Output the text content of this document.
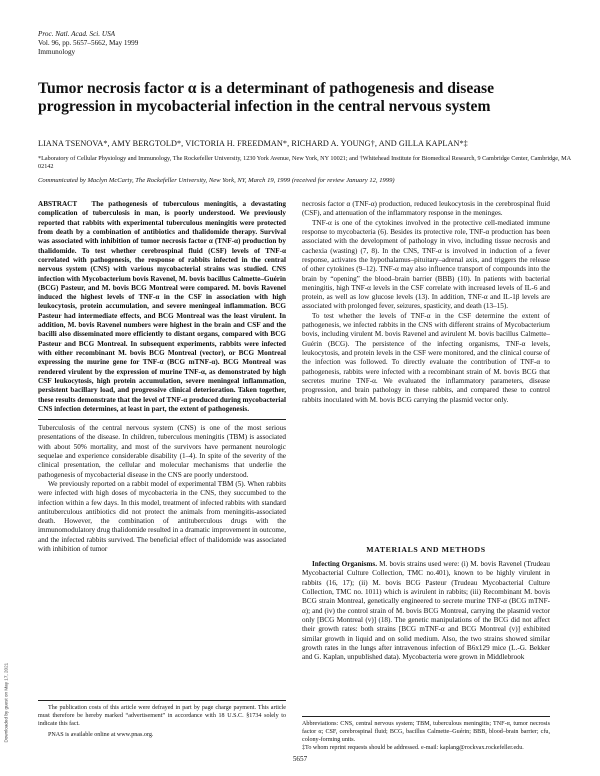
Proc. Natl. Acad. Sci. USA
Vol. 96, pp. 5657–5662, May 1999
Immunology
Tumor necrosis factor α is a determinant of pathogenesis and disease progression in mycobacterial infection in the central nervous system
LIANA TSENOVA*, AMY BERGTOLD*, VICTORIA H. FREEDMAN*, RICHARD A. YOUNG†, AND GILLA KAPLAN*‡
*Laboratory of Cellular Physiology and Immunology, The Rockefeller University, 1230 York Avenue, New York, NY 10021; and †Whitehead Institute for Biomedical Research, 9 Cambridge Center, Cambridge, MA 02142
Communicated by Maclyn McCarty, The Rockefeller University, New York, NY, March 19, 1999 (received for review January 12, 1999)

ABSTRACT The pathogenesis of tuberculous meningitis, a devastating complication of tuberculosis in man, is poorly understood. We previously reported that rabbits with experimental tuberculous meningitis were protected from death by a combination of antibiotics and thalidomide therapy. Survival was associated with inhibition of tumor necrosis factor α (TNF-α) production by thalidomide. To test whether cerebrospinal fluid (CSF) levels of TNF-α correlated with pathogenesis, the response of rabbits infected in the central nervous system (CNS) with various mycobacterial strains was studied. CNS infection with Mycobacterium bovis Ravenel, M. bovis bacillus Calmette–Guérin (BCG) Pasteur, and M. bovis BCG Montreal were compared. M. bovis Ravenel induced the highest levels of TNF-α in the CSF in association with high leukocytosis, protein accumulation, and severe meningeal inflammation. BCG Pasteur had intermediate effects, and BCG Montreal was the least virulent. In addition, M. bovis Ravenel numbers were highest in the brain and CSF and the bacilli also disseminated more efficiently to distant organs, compared with BCG Pasteur and BCG Montreal. In subsequent experiments, rabbits were infected with either recombinant M. bovis BCG Montreal (vector), or BCG Montreal expressing the murine gene for TNF-α (BCG mTNF-α). BCG Montreal was rendered virulent by the expression of murine TNF-α, as demonstrated by high CSF leukocytosis, high protein accumulation, severe meningeal inflammation, persistent bacillary load, and progressive clinical deterioration. Taken together, these results demonstrate that the level of TNF-α produced during mycobacterial CNS infection determines, at least in part, the extent of pathogenesis.

Tuberculosis of the central nervous system (CNS) is one of the most serious presentations of the disease. In children, tuberculous meningitis (TBM) is associated with about 50% mortality, and most of the survivors have permanent neurologic sequelae and experience considerable disability (1–4). In spite of the severity of the clinical presentation, the cellular and molecular mechanisms that underlie the pathogenesis of mycobacterial disease in the CNS are poorly understood.

We previously reported on a rabbit model of experimental TBM (5). When rabbits were infected with high doses of mycobacteria in the CNS, they succumbed to the infection within a few days. In this model, treatment of infected rabbits with standard antituberculous antibiotics did not protect the animals from meningitis-associated death. However, the combination of antituberculous drugs with the immunomodulatory drug thalidomide resulted in a dramatic improvement in outcome, and the infected rabbits survived. The beneficial effect of thalidomide was associated with inhibition of tumor

necrosis factor α (TNF-α) production, reduced leukocytosis in the cerebrospinal fluid (CSF), and attenuation of the inflammatory response in the meninges.

TNF-α is one of the cytokines involved in the protective cell-mediated immune response to mycobacteria (6). Besides its protective role, TNF-α production has been associated with the development of pathology in vivo, including tissue necrosis and cachexia (wasting) (7, 8). In the CNS, TNF-α is involved in induction of a fever response, activates the hypothalamus–pituitary–adrenal axis, and triggers the release of other cytokines (9–12). TNF-α may also influence transport of compounds into the brain by “opening” the blood–brain barrier (BBB) (10). In patients with bacterial meningitis, high TNF-α levels in the CSF correlate with increased levels of IL-6 and protein, as well as low glucose levels (13). In addition, TNF-α and IL-1β levels are associated with prolonged fever, seizures, spasticity, and death (13–15).

To test whether the levels of TNF-α in the CSF determine the extent of pathogenesis, we infected rabbits in the CNS with different strains of Mycobacterium bovis, including virulent M. bovis Ravenel and avirulent M. bovis bacillus Calmette–Guérin (BCG). The persistence of the infecting organisms, TNF-α levels, leukocytosis, and protein levels in the CSF were monitored, and the clinical course of the infection was followed. To directly evaluate the contribution of TNF-α to pathogenesis, rabbits were infected with a recombinant strain of M. bovis BCG that secretes murine TNF-α. We evaluated the inflammatory parameters, disease progression, and brain pathology in these rabbits, and compared these to control rabbits inoculated with M. bovis BCG carrying the plasmid vector only.

MATERIALS AND METHODS

Infecting Organisms. M. bovis strains used were: (i) M. bovis Ravenel (Trudeau Mycobacterial Culture Collection, TMC no.401), known to be highly virulent in rabbits (16, 17); (ii) M. bovis BCG Pasteur (Trudeau Mycobacterial Culture Collection, TMC no. 1011) which is avirulent in rabbits; (iii) Recombinant M. bovis BCG strain Montreal, genetically engineered to secrete murine TNF-α (BCG mTNF-α); and (iv) the control strain of M. bovis BCG Montreal, carrying the plasmid vector only [BCG Montreal (v)] (18). The genetic manipulations of the BCG did not affect their growth rates: both strains [BCG mTNF-α and BCG Montreal (v)] exhibited similar growth in liquid and on solid medium. Also, the two strains showed similar growth rates in the lungs after intravenous infection of B6x129 mice (L.-G. Bekker and G. Kaplan, unpublished data). Mycobacteria were grown in Middlebrook

The publication costs of this article were defrayed in part by page charge payment. This article must therefore be hereby marked “advertisement” in accordance with 18 U.S.C. §1734 solely to indicate this fact.

PNAS is available online at www.pnas.org.

Abbreviations: CNS, central nervous system; TBM, tuberculous meningitis; TNF-α, tumor necrosis factor α; CSF, cerebrospinal fluid; BCG, bacillus Calmette–Guérin; BBB, blood–brain barrier; cfu, colony-forming units.

‡To whom reprint requests should be addressed. e-mail: kaplang@rockvax.rockefeller.edu.

5657
Downloaded by guest on May 17, 2021
